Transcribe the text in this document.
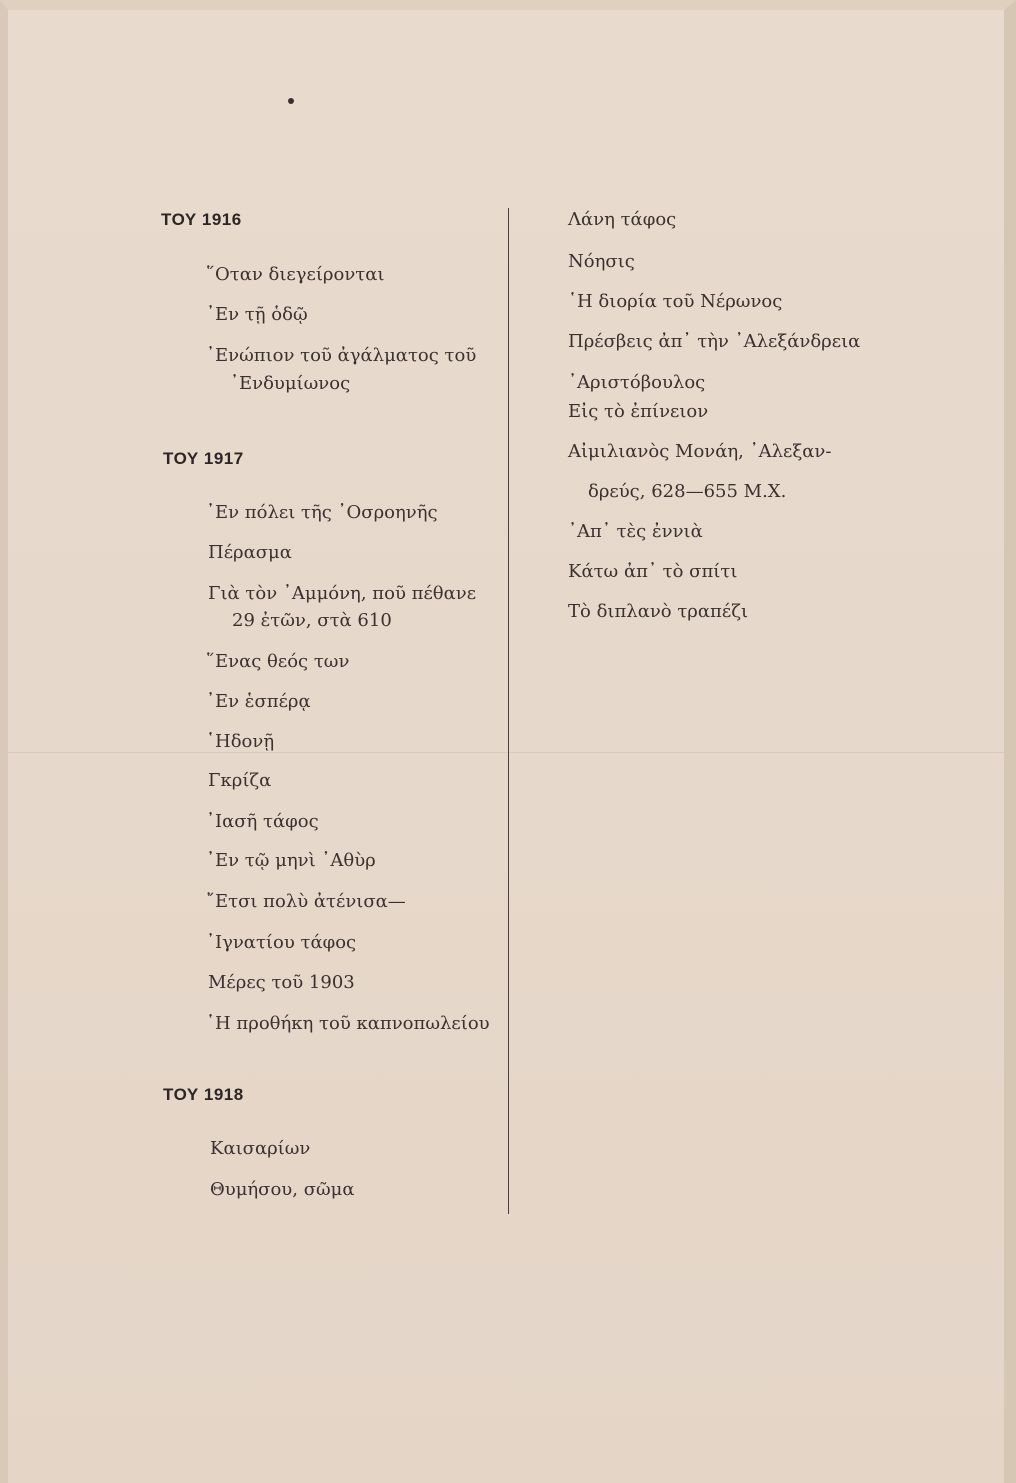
ΤΟΥ 1916
῞Οταν διεγείρονται
᾿Εν τῇ ὁδῷ
᾿Ενώπιον τοῦ ἀγάλματος τοῦ
᾿Ενδυμίωνος
ΤΟΥ 1917
᾿Εν πόλει τῆς ᾿Οσροηνῆς
Πέρασμα
Γιὰ τὸν ᾿Αμμόνη, ποῦ πέθανε
29 ἐτῶν, στὰ 610
῞Ενας θεός των
᾿Εν ἑσπέρᾳ
῾Ηδονῇ
Γκρίζα
᾿Ιασῆ τάφος
᾿Εν τῷ μηνὶ ᾿Αθὺρ
῎Ετσι πολὺ ἀτένισα—
᾿Ιγνατίου τάφος
Μέρες τοῦ 1903
῾Η προθήκη τοῦ καπνοπωλείου
ΤΟΥ 1918
Καισαρίων
Θυμήσου, σῶμα
Λάνη τάφος
Νόησις
῾Η διορία τοῦ Νέρωνος
Πρέσβεις ἀπ᾿ τὴν ᾿Αλεξάνδρεια
᾿Αριστόβουλος
Εἰς τὸ ἐπίνειον
Αἰμιλιανὸς Μονάη, ᾿Αλεξαν-
δρεύς, 628—655 Μ.Χ.
᾿Απ᾿ τὲς ἐννιὰ
Κάτω ἀπ᾿ τὸ σπίτι
Τὸ διπλανὸ τραπέζι
